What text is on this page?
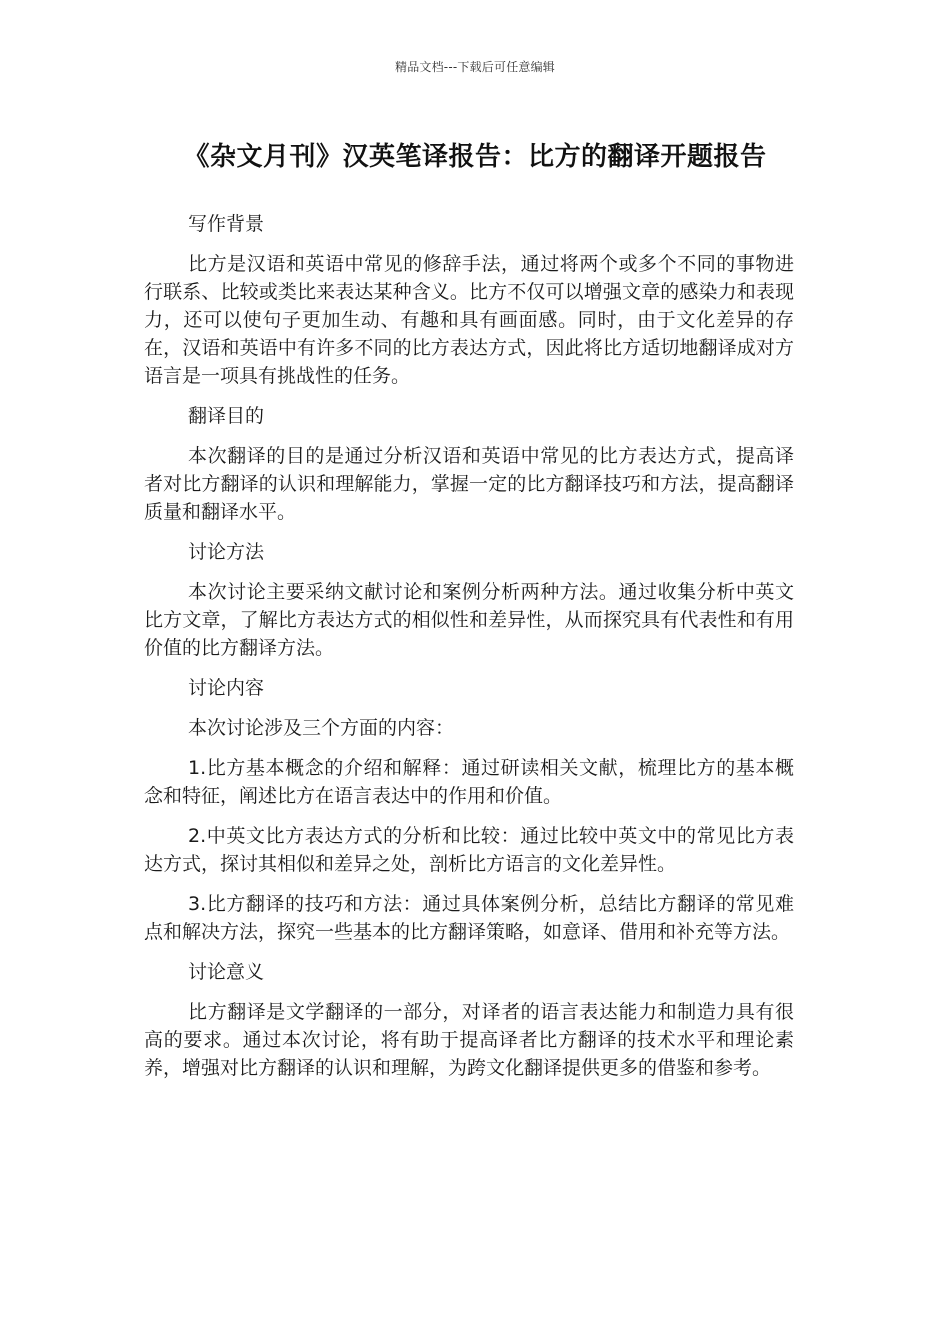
精品文档---下载后可任意编辑
《杂文月刊》汉英笔译报告：比方的翻译开题报告

写作背景

比方是汉语和英语中常见的修辞手法，通过将两个或多个不同的事物进行联系、比较或类比来表达某种含义。比方不仅可以增强文章的感染力和表现力，还可以使句子更加生动、有趣和具有画面感。同时，由于文化差异的存在，汉语和英语中有许多不同的比方表达方式，因此将比方适切地翻译成对方语言是一项具有挑战性的任务。

翻译目的

本次翻译的目的是通过分析汉语和英语中常见的比方表达方式，提高译者对比方翻译的认识和理解能力，掌握一定的比方翻译技巧和方法，提高翻译质量和翻译水平。

讨论方法

本次讨论主要采纳文献讨论和案例分析两种方法。通过收集分析中英文比方文章，了解比方表达方式的相似性和差异性，从而探究具有代表性和有用价值的比方翻译方法。

讨论内容

本次讨论涉及三个方面的内容：

1.比方基本概念的介绍和解释：通过研读相关文献，梳理比方的基本概念和特征，阐述比方在语言表达中的作用和价值。

2.中英文比方表达方式的分析和比较：通过比较中英文中的常见比方表达方式，探讨其相似和差异之处，剖析比方语言的文化差异性。

3.比方翻译的技巧和方法：通过具体案例分析，总结比方翻译的常见难点和解决方法，探究一些基本的比方翻译策略，如意译、借用和补充等方法。

讨论意义

比方翻译是文学翻译的一部分，对译者的语言表达能力和制造力具有很高的要求。通过本次讨论，将有助于提高译者比方翻译的技术水平和理论素养，增强对比方翻译的认识和理解，为跨文化翻译提供更多的借鉴和参考。
